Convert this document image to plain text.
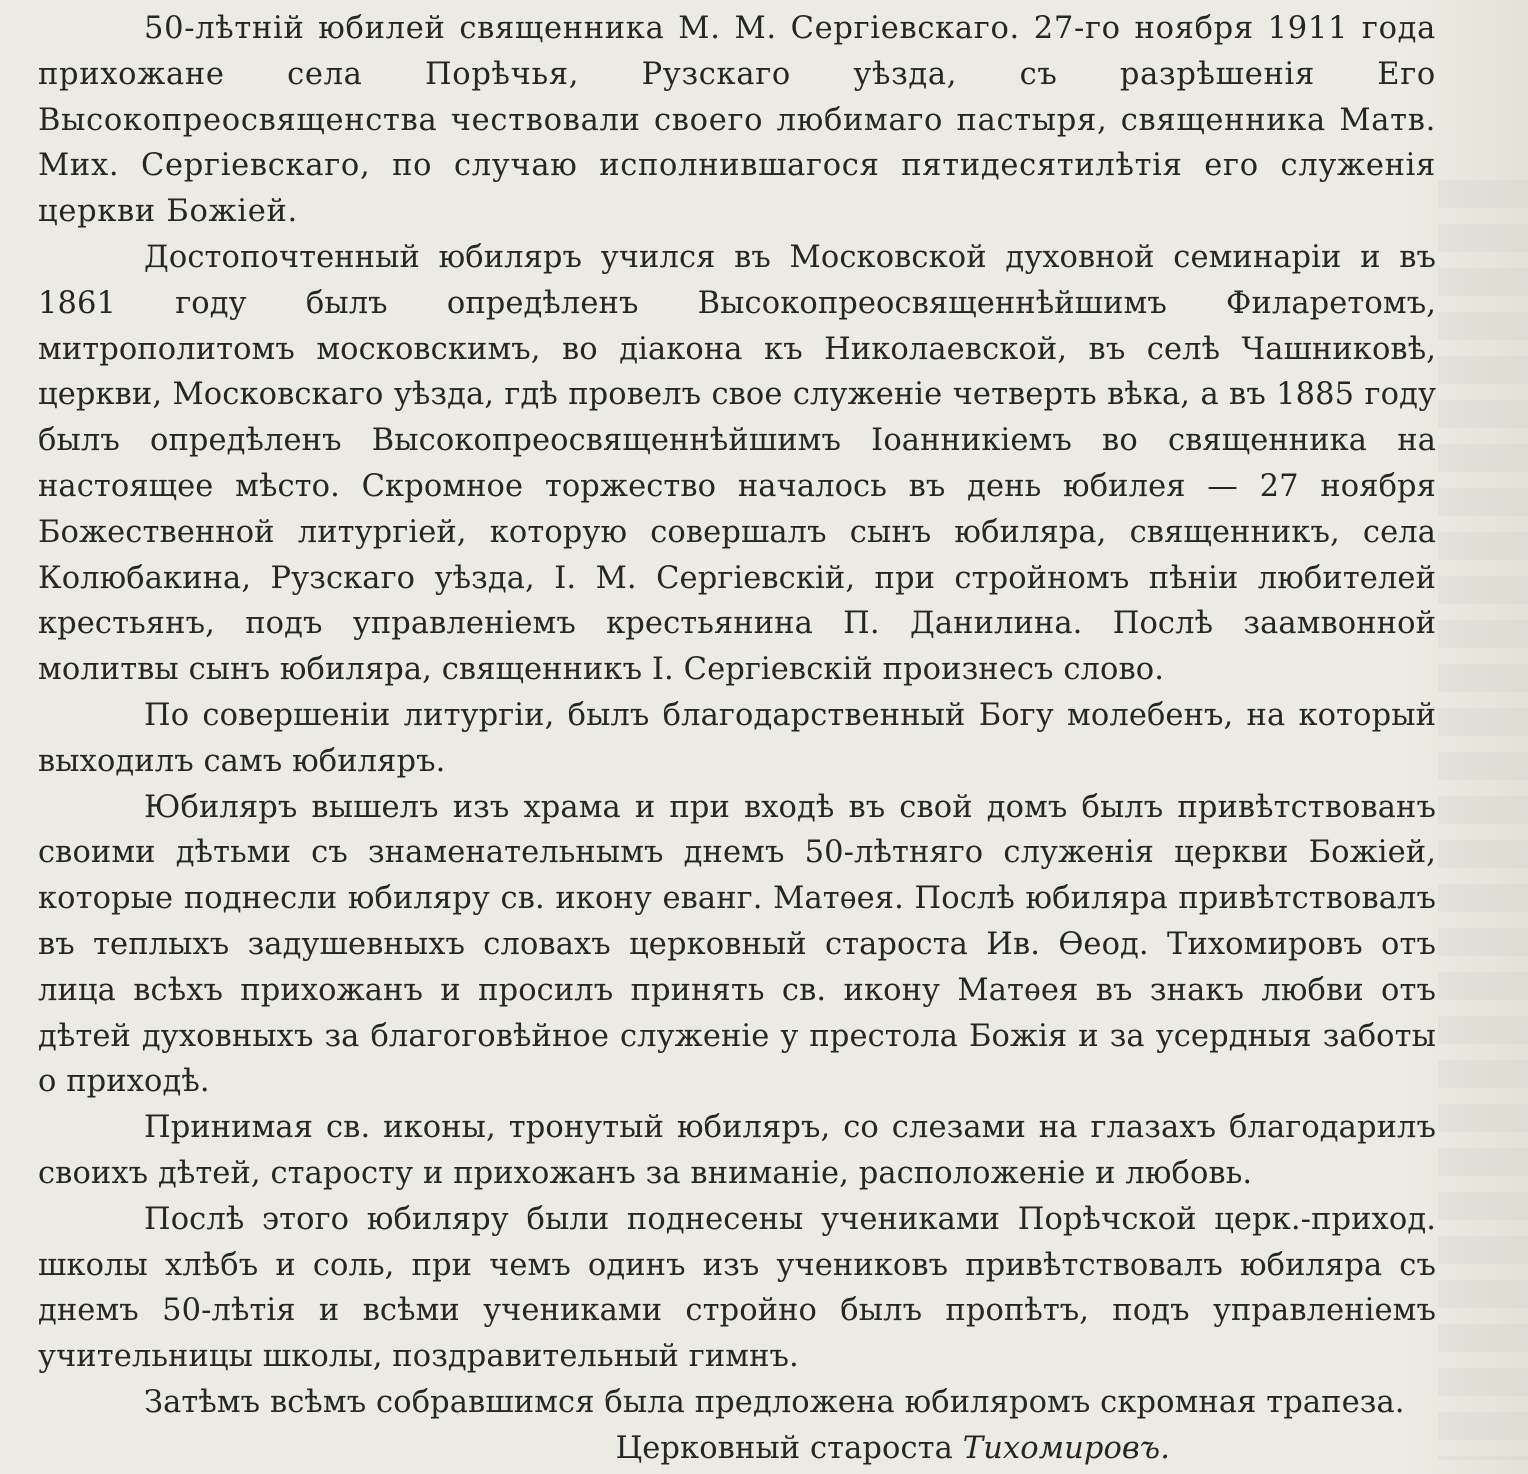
50-лѣтній юбилей священника М. М. Сергіевскаго. 27-го ноября 1911 года прихожане села Порѣчья, Рузскаго уѣзда, съ разрѣшенія Его Высокопреосвященства чествовали своего любимаго пастыря, священника Матв. Мих. Сергіевскаго, по случаю исполнившагося пятидесятилѣтія его служенія церкви Божіей.

Достопочтенный юбиляръ учился въ Московской духовной семинаріи и въ 1861 году былъ опредѣленъ Высокопреосвященнѣйшимъ Филаретомъ, митрополитомъ московскимъ, во діакона къ Николаевской, въ селѣ Чашниковѣ, церкви, Московскаго уѣзда, гдѣ провелъ свое служеніе четверть вѣка, а въ 1885 году былъ опредѣленъ Высокопреосвященнѣйшимъ Іоанникіемъ во священника на настоящее мѣсто. Скромное торжество началось въ день юбилея — 27 ноября Божественной литургіей, которую совершалъ сынъ юбиляра, священникъ, села Колюбакина, Рузскаго уѣзда, І. М. Сергіевскій, при стройномъ пѣніи любителей крестьянъ, подъ управленіемъ крестьянина П. Данилина. Послѣ заамвонной молитвы сынъ юбиляра, священникъ І. Сергіевскій произнесъ слово.

По совершеніи литургіи, былъ благодарственный Богу молебенъ, на который выходилъ самъ юбиляръ.

Юбиляръ вышелъ изъ храма и при входѣ въ свой домъ былъ привѣтствованъ своими дѣтьми съ знаменательнымъ днемъ 50-лѣтняго служенія церкви Божіей, которые поднесли юбиляру св. икону еванг. Матѳея. Послѣ юбиляра привѣтствовалъ въ теплыхъ задушевныхъ словахъ церковный староста Ив. Ѳеод. Тихомировъ отъ лица всѣхъ прихожанъ и просилъ принять св. икону Матѳея въ знакъ любви отъ дѣтей духовныхъ за благоговѣйное служеніе у престола Божія и за усердныя заботы о приходѣ.

Принимая св. иконы, тронутый юбиляръ, со слезами на глазахъ благодарилъ своихъ дѣтей, старосту и прихожанъ за вниманіе, расположеніе и любовь.

Послѣ этого юбиляру были поднесены учениками Порѣчской церк.-приход. школы хлѣбъ и соль, при чемъ одинъ изъ учениковъ привѣтствовалъ юбиляра съ днемъ 50-лѣтія и всѣми учениками стройно былъ пропѣтъ, подъ управленіемъ учительницы школы, поздравительный гимнъ.

Затѣмъ всѣмъ собравшимся была предложена юбиляромъ скромная трапеза.

Церковный староста Тихомировъ.
